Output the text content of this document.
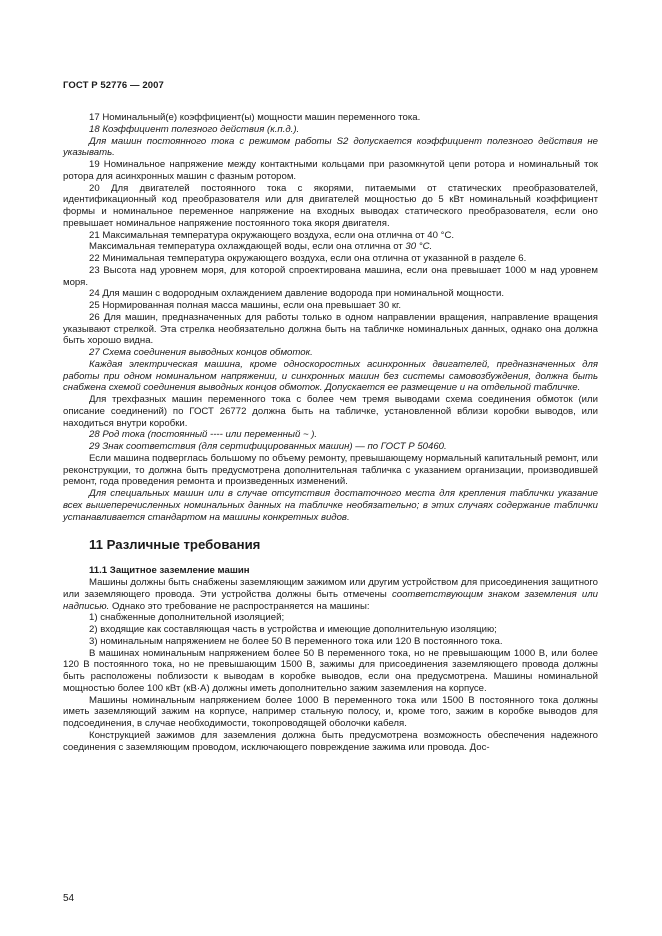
ГОСТ Р 52776 — 2007

17 Номинальный(е) коэффициент(ы) мощности машин переменного тока.

18 Коэффициент полезного действия (к.п.д.).

Для машин постоянного тока с режимом работы S2 допускается коэффициент полезного действия не указывать.

19 Номинальное напряжение между контактными кольцами при разомкнутой цепи ротора и номинальный ток ротора для асинхронных машин с фазным ротором.

20 Для двигателей постоянного тока с якорями, питаемыми от статических преобразователей, идентификационный код преобразователя или для двигателей мощностью до 5 кВт номинальный коэффициент формы и номинальное переменное напряжение на входных выводах статического преобразователя, если оно превышает номинальное напряжение постоянного тока якоря двигателя.

21 Максимальная температура окружающего воздуха, если она отлична от 40 °С.

Максимальная температура охлаждающей воды, если она отлична от 30 °С.

22 Минимальная температура окружающего воздуха, если она отлична от указанной в разделе 6.

23 Высота над уровнем моря, для которой спроектирована машина, если она превышает 1000 м над уровнем моря.

24 Для машин с водородным охлаждением давление водорода при номинальной мощности.

25 Нормированная полная масса машины, если она превышает 30 кг.

26 Для машин, предназначенных для работы только в одном направлении вращения, направление вращения указывают стрелкой. Эта стрелка необязательно должна быть на табличке номинальных данных, однако она должна быть хорошо видна.

27 Схема соединения выводных концов обмоток.

Каждая электрическая машина, кроме односкоростных асинхронных двигателей, предназначенных для работы при одном номинальном напряжении, и синхронных машин без системы самовозбуждения, должна быть снабжена схемой соединения выводных концов обмоток. Допускается ее размещение и на отдельной табличке.

Для трехфазных машин переменного тока с более чем тремя выводами схема соединения обмоток (или описание соединений) по ГОСТ 26772 должна быть на табличке, установленной вблизи коробки выводов, или находиться внутри коробки.

28 Род тока (постоянный ---- или переменный ~ ).

29 Знак соответствия (для сертифицированных машин) — по ГОСТ Р 50460.

Если машина подверглась большому по объему ремонту, превышающему нормальный капитальный ремонт, или реконструкции, то должна быть предусмотрена дополнительная табличка с указанием организации, производившей ремонт, года проведения ремонта и произведенных изменений.

Для специальных машин или в случае отсутствия достаточного места для крепления таблички указание всех вышеперечисленных номинальных данных на табличке необязательно; в этих случаях содержание таблички устанавливается стандартом на машины конкретных видов.

11 Различные требования

11.1 Защитное заземление машин

Машины должны быть снабжены заземляющим зажимом или другим устройством для присоединения защитного или заземляющего провода. Эти устройства должны быть отмечены соответствующим знаком заземления или надписью. Однако это требование не распространяется на машины:

1) снабженные дополнительной изоляцией;

2) входящие как составляющая часть в устройства и имеющие дополнительную изоляцию;

3) номинальным напряжением не более 50 В переменного тока или 120 В постоянного тока.

В машинах номинальным напряжением более 50 В переменного тока, но не превышающим 1000 В, или более 120 В постоянного тока, но не превышающим 1500 В, зажимы для присоединения заземляющего провода должны быть расположены поблизости к выводам в коробке выводов, если она предусмотрена. Машины номинальной мощностью более 100 кВт (кВ·А) должны иметь дополнительно зажим заземления на корпусе.

Машины номинальным напряжением более 1000 В переменного тока или 1500 В постоянного тока должны иметь заземляющий зажим на корпусе, например стальную полосу, и, кроме того, зажим в коробке выводов для подсоединения, в случае необходимости, токопроводящей оболочки кабеля.

Конструкцией зажимов для заземления должна быть предусмотрена возможность обеспечения надежного соединения с заземляющим проводом, исключающего повреждение зажима или провода. Дос-

54
